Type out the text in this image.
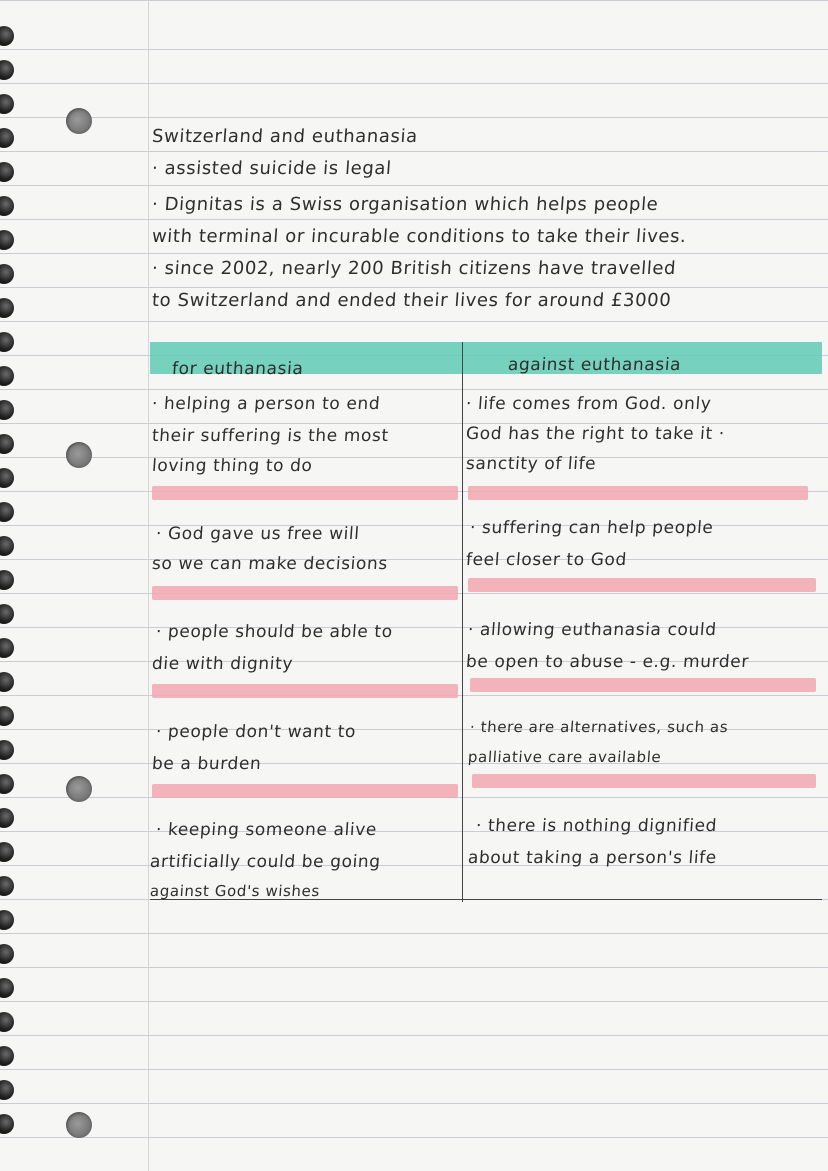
Switzerland and euthanasia
· assisted suicide is legal
· Dignitas is a Swiss organisation which helps people
with terminal or incurable conditions to take their lives.
· since 2002, nearly 200 British citizens have travelled
to Switzerland and ended their lives for around £3000
for euthanasia	against euthanasia
· helping a person to end
their suffering is the most
loving thing to do
· life comes from God. only
God has the right to take it ·
sanctity of life
· God gave us free will
so we can make decisions
· suffering can help people
feel closer to God
· people should be able to
die with dignity
· allowing euthanasia could
be open to abuse - e.g. murder
· people don't want to
be a burden
· there are alternatives, such as
palliative care available
· keeping someone alive
artificially could be going
against God's wishes
· there is nothing dignified
about taking a person's life
